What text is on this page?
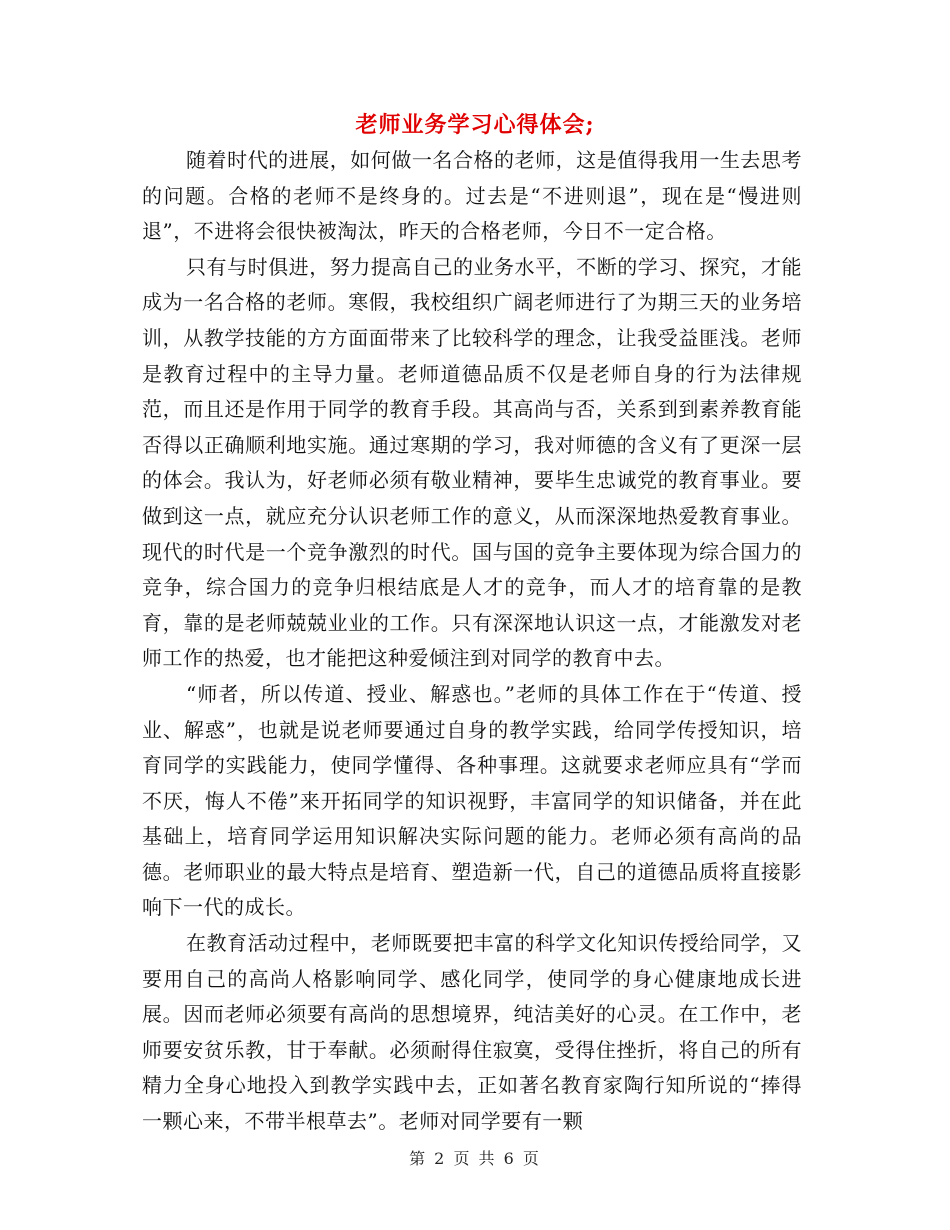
老师业务学习心得体会;

随着时代的进展，如何做一名合格的老师，这是值得我用一生去思考的问题。合格的老师不是终身的。过去是“不进则退”，现在是“慢进则退”，不进将会很快被淘汰，昨天的合格老师，今日不一定合格。

只有与时俱进，努力提高自己的业务水平，不断的学习、探究，才能成为一名合格的老师。寒假，我校组织广阔老师进行了为期三天的业务培训，从教学技能的方方面面带来了比较科学的理念，让我受益匪浅。老师是教育过程中的主导力量。老师道德品质不仅是老师自身的行为法律规范，而且还是作用于同学的教育手段。其高尚与否，关系到到素养教育能否得以正确顺利地实施。通过寒期的学习，我对师德的含义有了更深一层的体会。我认为，好老师必须有敬业精神，要毕生忠诚党的教育事业。要做到这一点，就应充分认识老师工作的意义，从而深深地热爱教育事业。现代的时代是一个竞争激烈的时代。国与国的竞争主要体现为综合国力的竞争，综合国力的竞争归根结底是人才的竞争，而人才的培育靠的是教育，靠的是老师兢兢业业的工作。只有深深地认识这一点，才能激发对老师工作的热爱，也才能把这种爱倾注到对同学的教育中去。

“师者，所以传道、授业、解惑也。”老师的具体工作在于“传道、授业、解惑”，也就是说老师要通过自身的教学实践，给同学传授知识，培育同学的实践能力，使同学懂得、各种事理。这就要求老师应具有“学而不厌，悔人不倦”来开拓同学的知识视野，丰富同学的知识储备，并在此基础上，培育同学运用知识解决实际问题的能力。老师必须有高尚的品德。老师职业的最大特点是培育、塑造新一代，自己的道德品质将直接影响下一代的成长。

在教育活动过程中，老师既要把丰富的科学文化知识传授给同学，又要用自己的高尚人格影响同学、感化同学，使同学的身心健康地成长进展。因而老师必须要有高尚的思想境界，纯洁美好的心灵。在工作中，老师要安贫乐教，甘于奉献。必须耐得住寂寞，受得住挫折，将自己的所有精力全身心地投入到教学实践中去，正如著名教育家陶行知所说的“捧得一颗心来，不带半根草去”。老师对同学要有一颗

第 2 页 共 6 页
